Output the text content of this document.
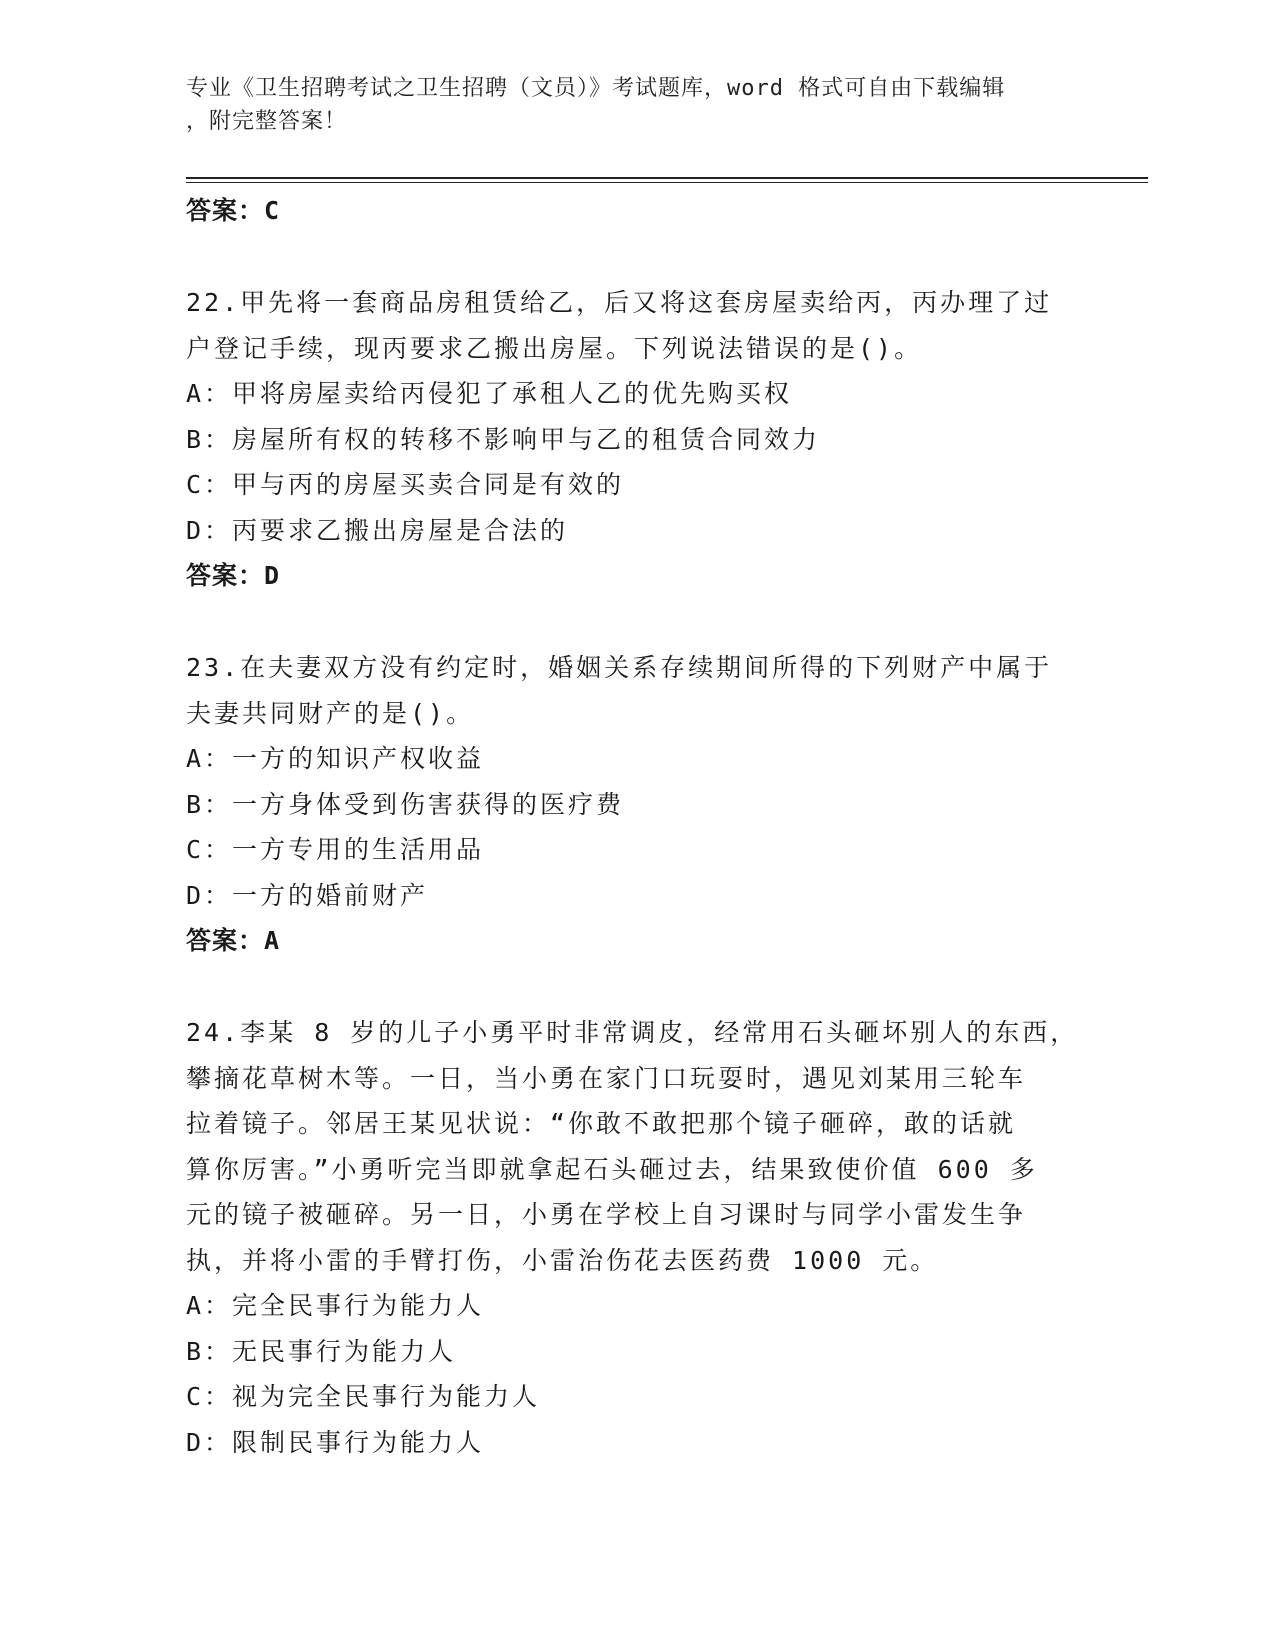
专业《卫生招聘考试之卫生招聘（文员）》考试题库，word 格式可自由下载编辑
，附完整答案！
答案：C
22.甲先将一套商品房租赁给乙，后又将这套房屋卖给丙，丙办理了过
户登记手续，现丙要求乙搬出房屋。下列说法错误的是()。
A：甲将房屋卖给丙侵犯了承租人乙的优先购买权
B：房屋所有权的转移不影响甲与乙的租赁合同效力
C：甲与丙的房屋买卖合同是有效的
D：丙要求乙搬出房屋是合法的
答案：D
23.在夫妻双方没有约定时，婚姻关系存续期间所得的下列财产中属于
夫妻共同财产的是()。
A：一方的知识产权收益
B：一方身体受到伤害获得的医疗费
C：一方专用的生活用品
D：一方的婚前财产
答案：A
24.李某 8 岁的儿子小勇平时非常调皮，经常用石头砸坏别人的东西，
攀摘花草树木等。一日，当小勇在家门口玩耍时，遇见刘某用三轮车
拉着镜子。邻居王某见状说：“你敢不敢把那个镜子砸碎，敢的话就
算你厉害。”小勇听完当即就拿起石头砸过去，结果致使价值 600 多
元的镜子被砸碎。另一日，小勇在学校上自习课时与同学小雷发生争
执，并将小雷的手臂打伤，小雷治伤花去医药费 1000 元。
A：完全民事行为能力人
B：无民事行为能力人
C：视为完全民事行为能力人
D：限制民事行为能力人
